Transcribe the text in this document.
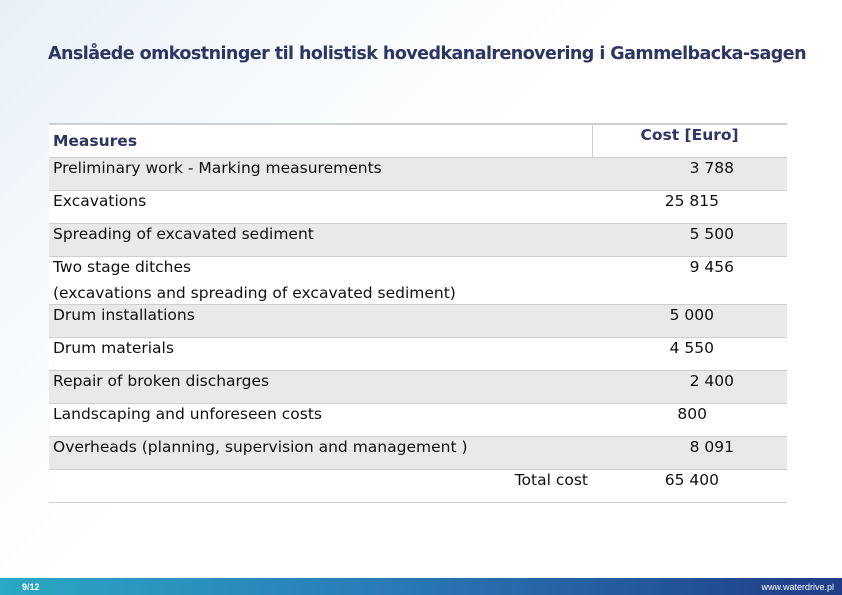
Anslåede omkostninger til holistisk hovedkanalrenovering i Gammelbacka-sagen
Measures	Cost [Euro]

Preliminary work - Marking measurements	3 788

Excavations	25 815

Spreading of excavated sediment	5 500

Two stage ditches
(excavations and spreading of excavated sediment)	9 456

Drum installations	5 000

Drum materials	4 550

Repair of broken discharges	2 400

Landscaping and unforeseen costs	800

Overheads (planning, supervision and management )	8 091
Total cost	65 400
9/12	www.waterdrive.pl
